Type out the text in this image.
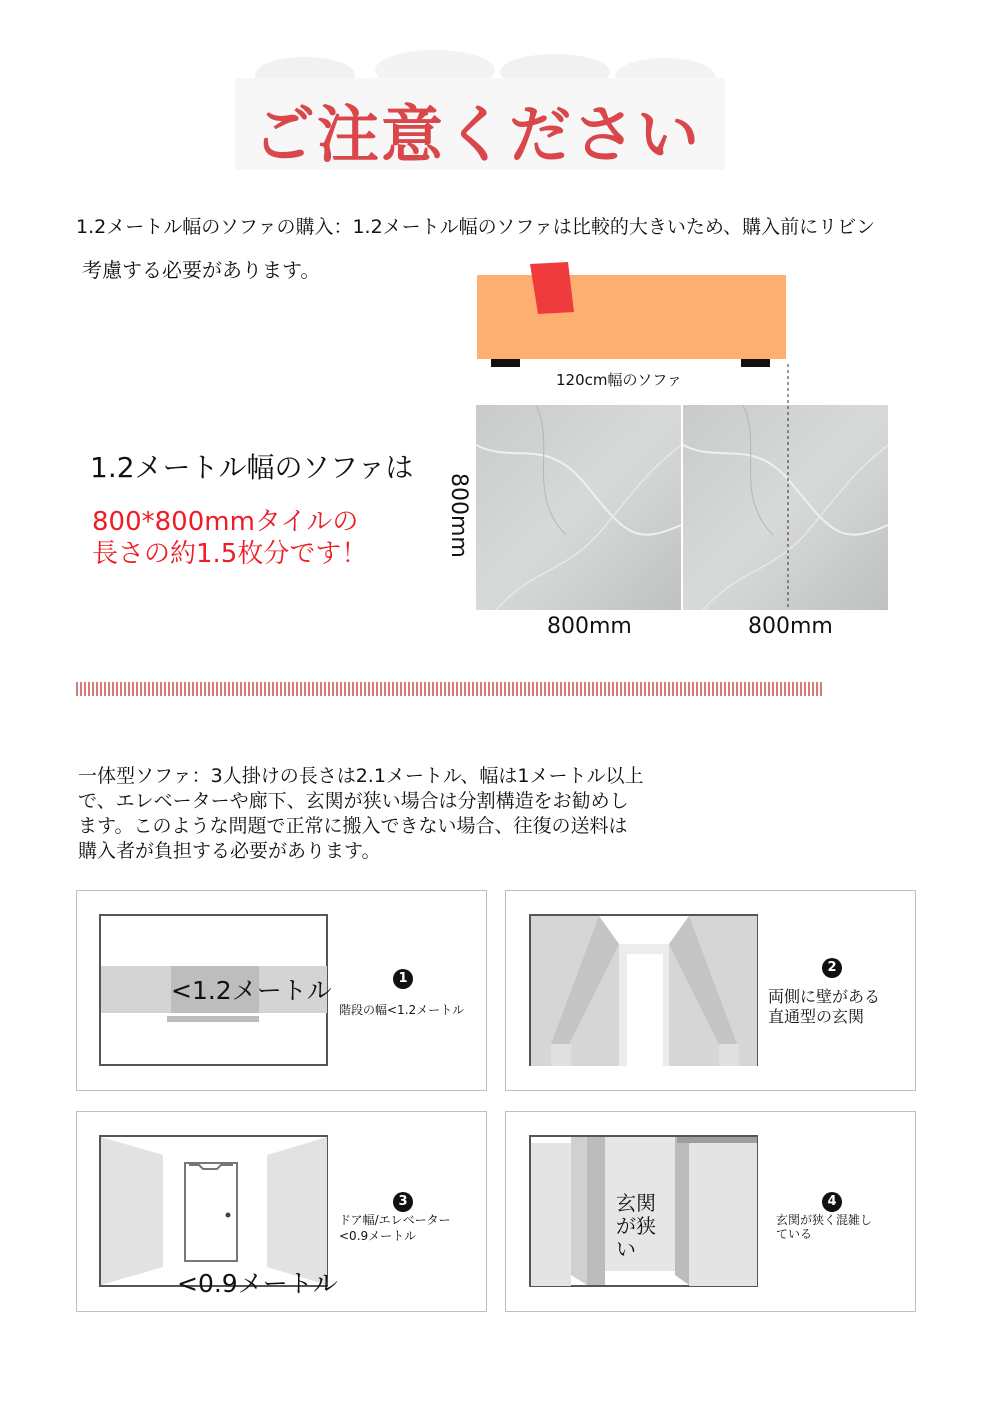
ご注意ください
1.2メートル幅のソファの購入：1.2メートル幅のソファは比較的大きいため、購入前にリビン
考慮する必要があります。
120cm幅のソファ
1.2メートル幅のソファは
800*800mmタイルの
長さの約1.5枚分です！	800mm
800mm	800mm
一体型ソファ：3人掛けの長さは2.1メートル、幅は1メートル以上
で、エレベーターや廊下、玄関が狭い場合は分割構造をお勧めし
ます。このような問題で正常に搬入できない場合、往復の送料は
購入者が負担する必要があります。
<1.2メートル	1
階段の幅<1.2メートル
2
両側に壁がある
直通型の玄関
<0.9メートル
3
ドア幅/エレベーター
<0.9メートル
玄関
が狭
い
4
玄関が狭く混雑し
ている
